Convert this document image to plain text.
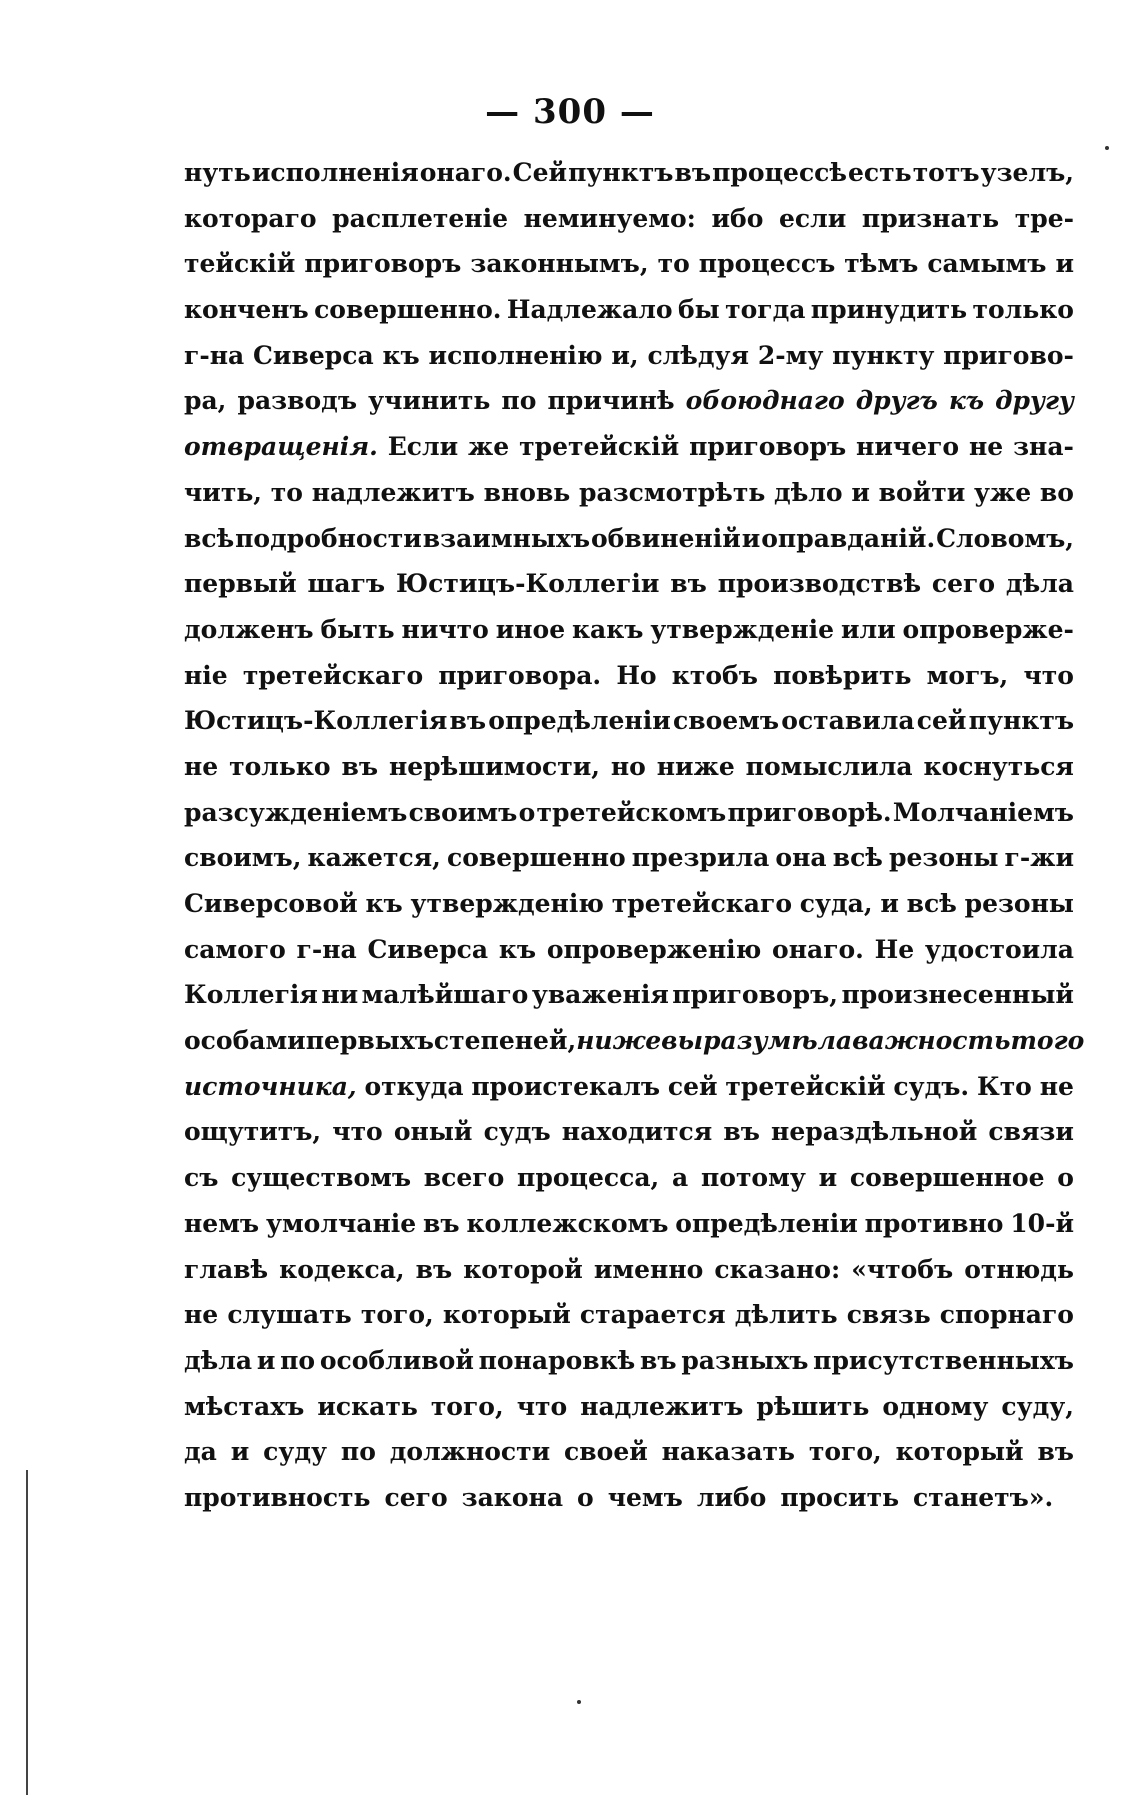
— 300 —
нуть исполненія онаго. Сей пунктъ въ процессѣ есть тотъ узелъ,
котораго расплетеніе неминуемо: ибо если признать тре-
тейскій приговоръ законнымъ, то процессъ тѣмъ самымъ и
конченъ совершенно. Надлежало бы тогда принудить только
г-на Сиверса къ исполненію и, слѣдуя 2-му пункту пригово-
ра, разводъ учинить по причинѣ обоюднаго другъ къ другу
отвращенія. Если же третейскій приговоръ ничего не зна-
чить, то надлежитъ вновь разсмотрѣть дѣло и войти уже во
всѣ подробности взаимныхъ обвиненій и оправданій. Словомъ,
первый шагъ Юстицъ-Коллегіи въ производствѣ сего дѣла
долженъ быть ничто иное какъ утвержденіе или опроверже-
ніе третейскаго приговора. Но ктобъ повѣрить могъ, что
Юстицъ-Коллегія въ опредѣленіи своемъ оставила сей пунктъ
не только въ нерѣшимости, но ниже помыслила коснуться
разсужденіемъ своимъ о третейскомъ приговорѣ. Молчаніемъ
своимъ, кажется, совершенно презрила она всѣ резоны г-жи
Сиверсовой къ утвержденію третейскаго суда, и всѣ резоны
самого г-на Сиверса къ опроверженію онаго. Не удостоила
Коллегія ни малѣйшаго уваженія приговоръ, произнесенный
особами первыхъ степеней, ниже выразумѣла важность того
источника, откуда проистекалъ сей третейскій судъ. Кто не
ощутитъ, что оный судъ находится въ нераздѣльной связи
съ существомъ всего процесса, а потому и совершенное о
немъ умолчаніе въ коллежскомъ опредѣленіи противно 10-й
главѣ кодекса, въ которой именно сказано: «чтобъ отнюдь
не слушать того, который старается дѣлить связь спорнаго
дѣла и по особливой понаровкѣ въ разныхъ присутственныхъ
мѣстахъ искать того, что надлежитъ рѣшить одному суду,
да и суду по должности своей наказать того, который въ
противность сего закона о чемъ либо просить станетъ».
